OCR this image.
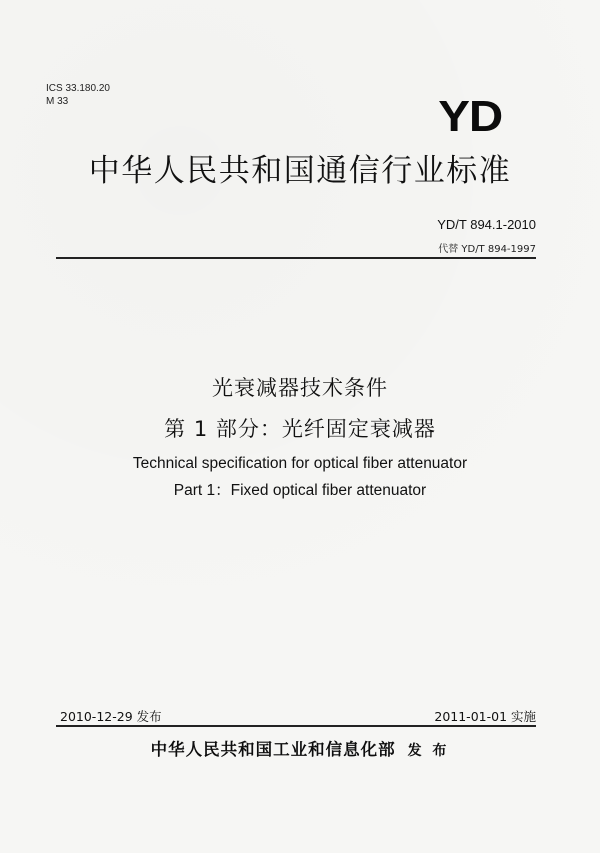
ICS 33.180.20
M 33	YD
中华人民共和国通信行业标准
YD/T 894.1-2010
代替 YD/T 894-1997
光衰减器技术条件
第 1 部分：光纤固定衰减器
Technical specification for optical fiber attenuator
Part 1：Fixed optical fiber attenuator
2010-12-29 发布	2011-01-01 实施
中华人民共和国工业和信息化部 发 布
